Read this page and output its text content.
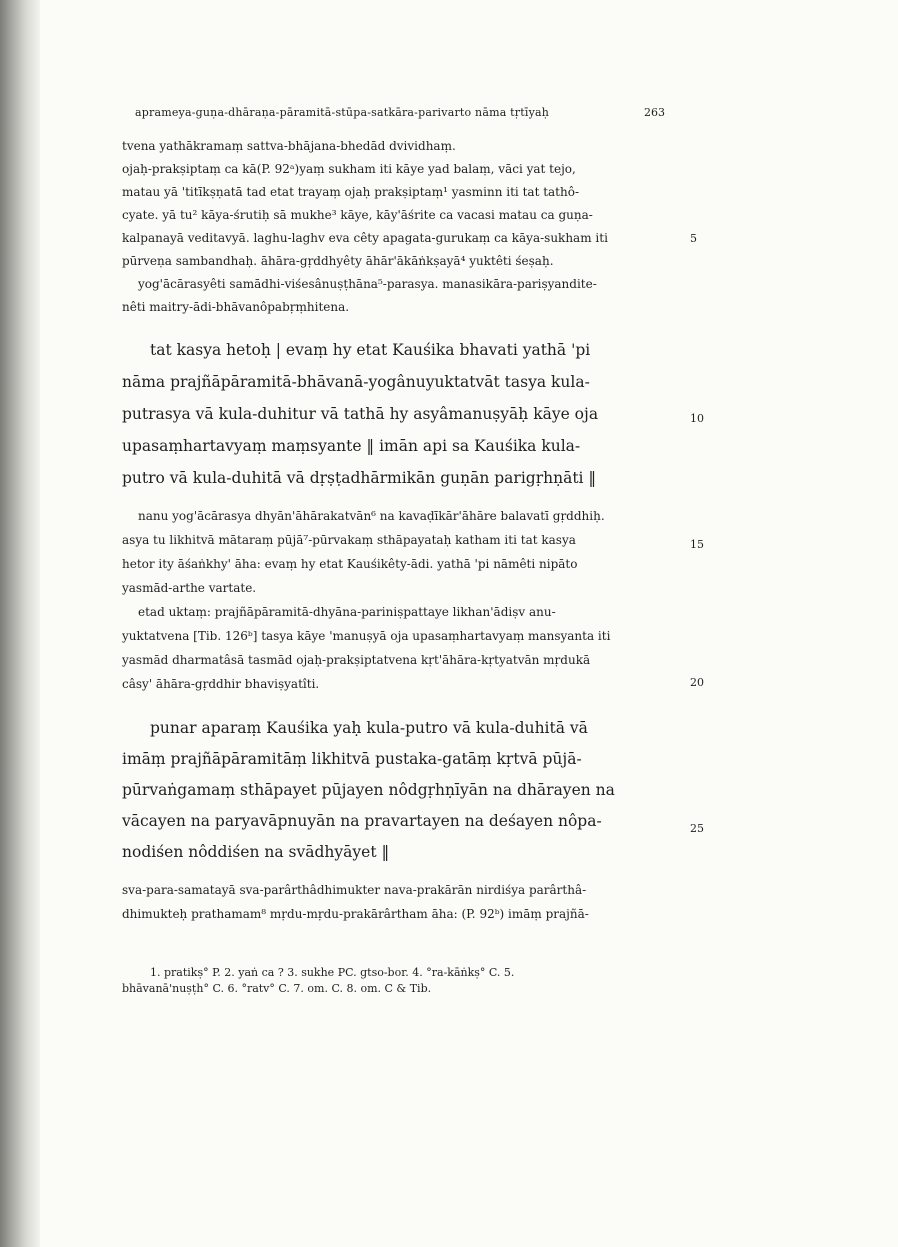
aprameya-guṇa-dhāraṇa-pāramitā-stūpa-satkāra-parivarto nāma tṛtīyaḥ	263
tvena yathākramaṃ sattva-bhājana-bhedād dvividhaṃ.
ojaḥ-prakṣiptaṃ ca kā(P. 92ᵃ)yaṃ sukham iti kāye yad balaṃ, vāci yat tejo,
matau yā 'titīkṣṇatā tad etat trayaṃ ojaḥ prakṣiptaṃ¹ yasminn iti tat tathô-
cyate. yā tu² kāya-śrutiḥ sā mukhe³ kāye, kāy'āśrite ca vacasi matau ca guṇa-
kalpanayā veditavyā. laghu-laghv eva cêty apagata-gurukaṃ ca kāya-sukham iti
pūrveṇa sambandhaḥ. āhāra-gṛddhyêty āhār'ākāṅkṣayā⁴ yuktêti śeṣaḥ.
yog'ācārasyêti samādhi-viśesânuṣṭhāna⁵-parasya. manasikāra-pariṣyandite-
nêti maitry-ādi-bhāvanôpabṛṃhitena.
tat kasya hetoḥ | evaṃ hy etat Kauśika bhavati yathā 'pi
nāma prajñāpāramitā-bhāvanā-yogânuyuktatvāt tasya kula-
putrasya vā kula-duhitur vā tathā hy asyâmanuṣyāḥ kāye oja
upasaṃhartavyaṃ maṃsyante ‖ imān api sa Kauśika kula-
putro vā kula-duhitā vā dṛṣṭadhārmikān guṇān parigṛhṇāti ‖
nanu yog'ācārasya dhyān'āhārakatvān⁶ na kavaḍīkār'āhāre balavatī gṛddhiḥ.
asya tu likhitvā mātaraṃ pūjā⁷-pūrvakaṃ sthāpayataḥ katham iti tat kasya
hetor ity āśaṅkhy' āha: evaṃ hy etat Kauśikêty-ādi. yathā 'pi nāmêti nipāto
yasmād-arthe vartate.
etad uktaṃ: prajñāpāramitā-dhyāna-pariniṣpattaye likhan'ādiṣv anu-
yuktatvena [Tib. 126ᵇ] tasya kāye 'manuṣyā oja upasaṃhartavyaṃ mansyanta iti
yasmād dharmatâsā tasmād ojaḥ-prakṣiptatvena kṛt'āhāra-kṛtyatvān mṛdukā
câsy' āhāra-gṛddhir bhaviṣyatîti.
punar aparaṃ Kauśika yaḥ kula-putro vā kula-duhitā vā
imāṃ prajñāpāramitāṃ likhitvā pustaka-gatāṃ kṛtvā pūjā-
pūrvaṅgamaṃ sthāpayet pūjayen nôdgṛhṇīyān na dhārayen na
vācayen na paryavāpnuyān na pravartayen na deśayen nôpa-
nodiśen nôddiśen na svādhyāyet ‖
sva-para-samatayā sva-parârthâdhimukter nava-prakārān nirdiśya parârthâ-
dhimukteḥ prathamam⁸ mṛdu-mṛdu-prakārârtham āha: (P. 92ᵇ) imāṃ prajñā-
5
10
15
20
25
1. pratikṣ° P. 2. yaṅ ca ? 3. sukhe PC. gtso-bor. 4. °ra-kāṅkṣ° C. 5.
bhāvanā'nuṣṭh° C. 6. °ratv° C. 7. om. C. 8. om. C & Tib.
